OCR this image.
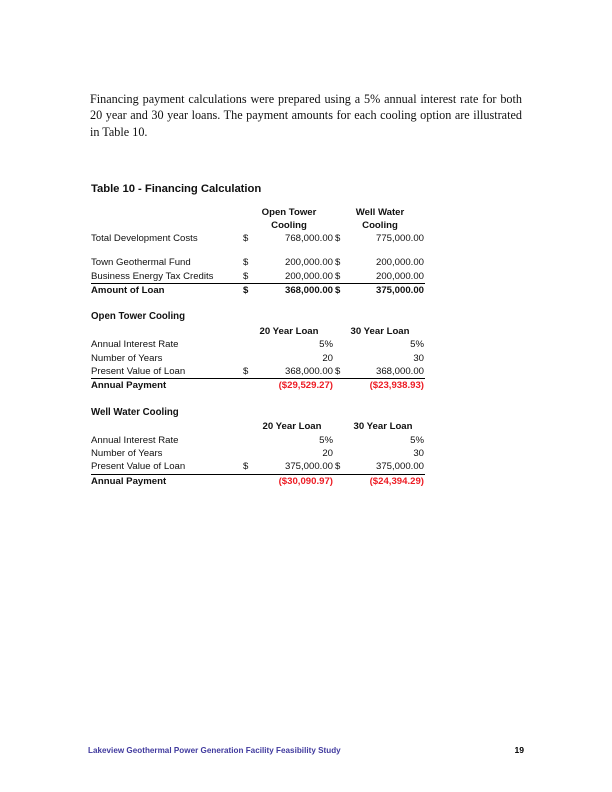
Financing payment calculations were prepared using a 5% annual interest rate for both 20 year and 30 year loans. The payment amounts for each cooling option are illustrated in Table 10.

Table 10 - Financing Calculation

	Open Tower	Well Water
	Cooling	Cooling
Total Development Costs	$	768,000.00	$	775,000.00

Town Geothermal Fund	$	200,000.00	$	200,000.00
Business Energy Tax Credits	$	200,000.00	$	200,000.00
Amount of Loan	$	368,000.00	$	375,000.00

Open Tower Cooling
	20 Year Loan	30 Year Loan
Annual Interest Rate		5%		5%
Number of Years		20		30
Present Value of Loan	$	368,000.00	$	368,000.00
Annual Payment		($29,529.27)		($23,938.93)

Well Water Cooling
	20 Year Loan	30 Year Loan
Annual Interest Rate		5%		5%
Number of Years		20		30
Present Value of Loan	$	375,000.00	$	375,000.00
Annual Payment		($30,090.97)		($24,394.29)
Lakeview Geothermal Power Generation Facility Feasibility Study	19
